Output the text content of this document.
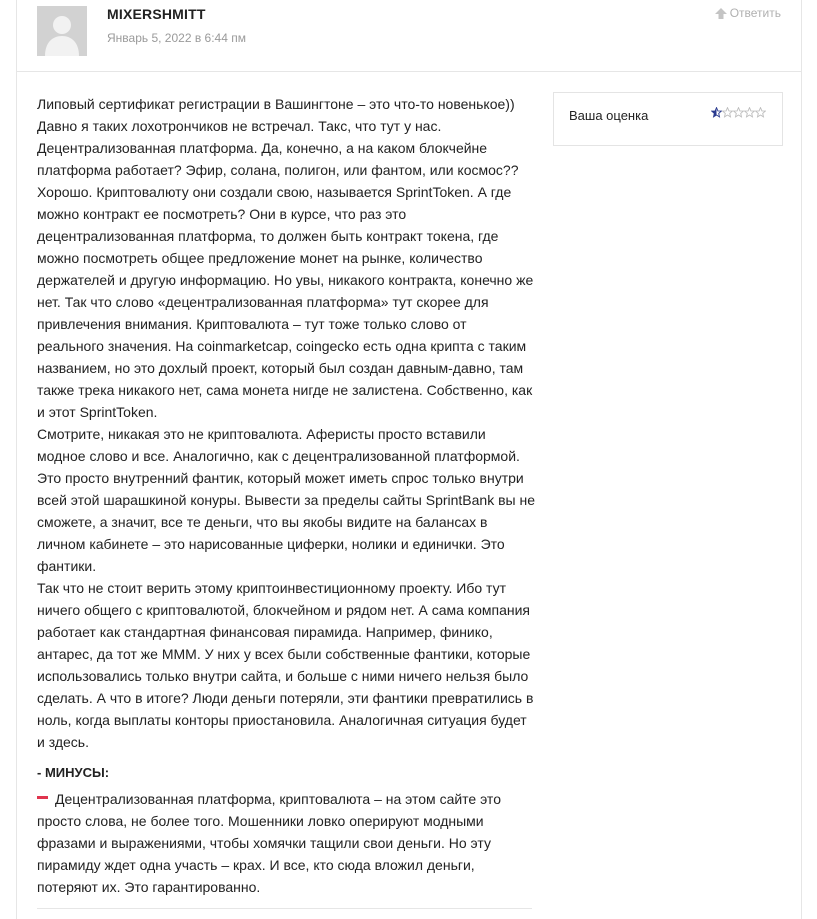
MIXERSHMITT
Январь 5, 2022 в 6:44 пм
Ответить

Липовый сертификат регистрации в Вашингтоне – это что-то новенькое)) Давно я таких лохотрончиков не встречал. Такс, что тут у нас. Децентрализованная платформа. Да, конечно, а на каком блокчейне платформа работает? Эфир, солана, полигон, или фантом, или космос?? Хорошо. Криптовалюту они создали свою, называется SprintToken. А где можно контракт ее посмотреть? Они в курсе, что раз это децентрализованная платформа, то должен быть контракт токена, где можно посмотреть общее предложение монет на рынке, количество держателей и другую информацию. Но увы, никакого контракта, конечно же нет. Так что слово «децентрализованная платформа» тут скорее для привлечения внимания. Криптовалюта – тут тоже только слово от реального значения. На coinmarketcap, coingecko есть одна крипта с таким названием, но это дохлый проект, который был создан давным-давно, там также трека никакого нет, сама монета нигде не залистена. Собственно, как и этот SprintToken.

Смотрите, никакая это не криптовалюта. Аферисты просто вставили модное слово и все. Аналогично, как с децентрализованной платформой. Это просто внутренний фантик, который может иметь спрос только внутри всей этой шарашкиной конуры. Вывести за пределы сайты SprintBank вы не сможете, а значит, все те деньги, что вы якобы видите на балансах в личном кабинете – это нарисованные циферки, нолики и единички. Это фантики.

Так что не стоит верить этому криптоинвестиционному проекту. Ибо тут ничего общего с криптовалютой, блокчейном и рядом нет. А сама компания работает как стандартная финансовая пирамида. Например, финико, антарес, да тот же МММ. У них у всех были собственные фантики, которые использовались только внутри сайта, и больше с ними ничего нельзя было сделать. А что в итоге? Люди деньги потеряли, эти фантики превратились в ноль, когда выплаты конторы приостановила. Аналогичная ситуация будет и здесь.

- МИНУСЫ:
Децентрализованная платформа, криптовалюта – на этом сайте это просто слова, не более того. Мошенники ловко оперируют модными фразами и выражениями, чтобы хомячки тащили свои деньги. Но эту пирамиду ждет одна участь – крах. И все, кто сюда вложил деньги, потеряют их. Это гарантированно.
Ваша оценка
